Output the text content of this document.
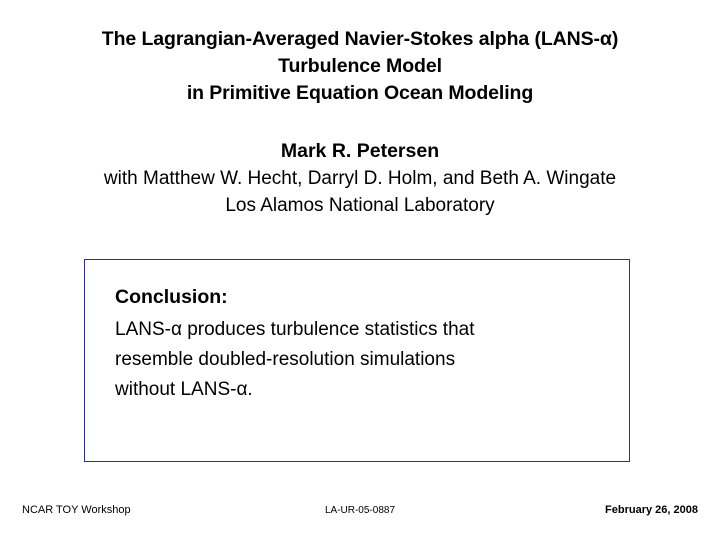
The Lagrangian-Averaged Navier-Stokes alpha (LANS-α)
Turbulence Model
in Primitive Equation Ocean Modeling
Mark R. Petersen
with Matthew W. Hecht, Darryl D. Holm, and Beth A. Wingate
Los Alamos National Laboratory
Conclusion:
LANS-α produces turbulence statistics that
resemble doubled-resolution simulations
without LANS-α.
NCAR TOY Workshop	LA-UR-05-0887	February 26, 2008
